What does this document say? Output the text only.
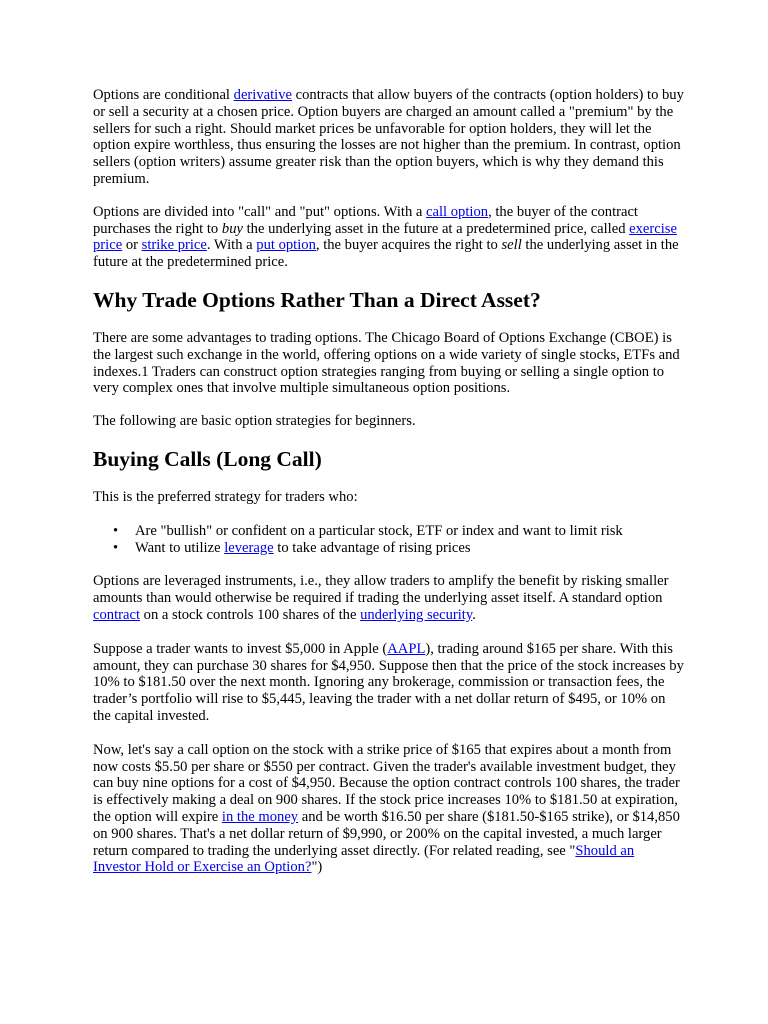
Options are conditional derivative contracts that allow buyers of the contracts (option holders) to buy or sell a security at a chosen price. Option buyers are charged an amount called a "premium" by the sellers for such a right. Should market prices be unfavorable for option holders, they will let the option expire worthless, thus ensuring the losses are not higher than the premium. In contrast, option sellers (option writers) assume greater risk than the option buyers, which is why they demand this premium.

Options are divided into "call" and "put" options. With a call option, the buyer of the contract purchases the right to buy the underlying asset in the future at a predetermined price, called exercise price or strike price. With a put option, the buyer acquires the right to sell the underlying asset in the future at the predetermined price.

Why Trade Options Rather Than a Direct Asset?

There are some advantages to trading options. The Chicago Board of Options Exchange (CBOE) is the largest such exchange in the world, offering options on a wide variety of single stocks, ETFs and indexes.1 Traders can construct option strategies ranging from buying or selling a single option to very complex ones that involve multiple simultaneous option positions.

The following are basic option strategies for beginners.

Buying Calls (Long Call)

This is the preferred strategy for traders who:

• Are "bullish" or confident on a particular stock, ETF or index and want to limit risk
• Want to utilize leverage to take advantage of rising prices

Options are leveraged instruments, i.e., they allow traders to amplify the benefit by risking smaller amounts than would otherwise be required if trading the underlying asset itself. A standard option contract on a stock controls 100 shares of the underlying security.

Suppose a trader wants to invest $5,000 in Apple (AAPL), trading around $165 per share. With this amount, they can purchase 30 shares for $4,950. Suppose then that the price of the stock increases by 10% to $181.50 over the next month. Ignoring any brokerage, commission or transaction fees, the trader’s portfolio will rise to $5,445, leaving the trader with a net dollar return of $495, or 10% on the capital invested.

Now, let's say a call option on the stock with a strike price of $165 that expires about a month from now costs $5.50 per share or $550 per contract. Given the trader's available investment budget, they can buy nine options for a cost of $4,950. Because the option contract controls 100 shares, the trader is effectively making a deal on 900 shares. If the stock price increases 10% to $181.50 at expiration, the option will expire in the money and be worth $16.50 per share ($181.50-$165 strike), or $14,850 on 900 shares. That's a net dollar return of $9,990, or 200% on the capital invested, a much larger return compared to trading the underlying asset directly. (For related reading, see "Should an Investor Hold or Exercise an Option?")
